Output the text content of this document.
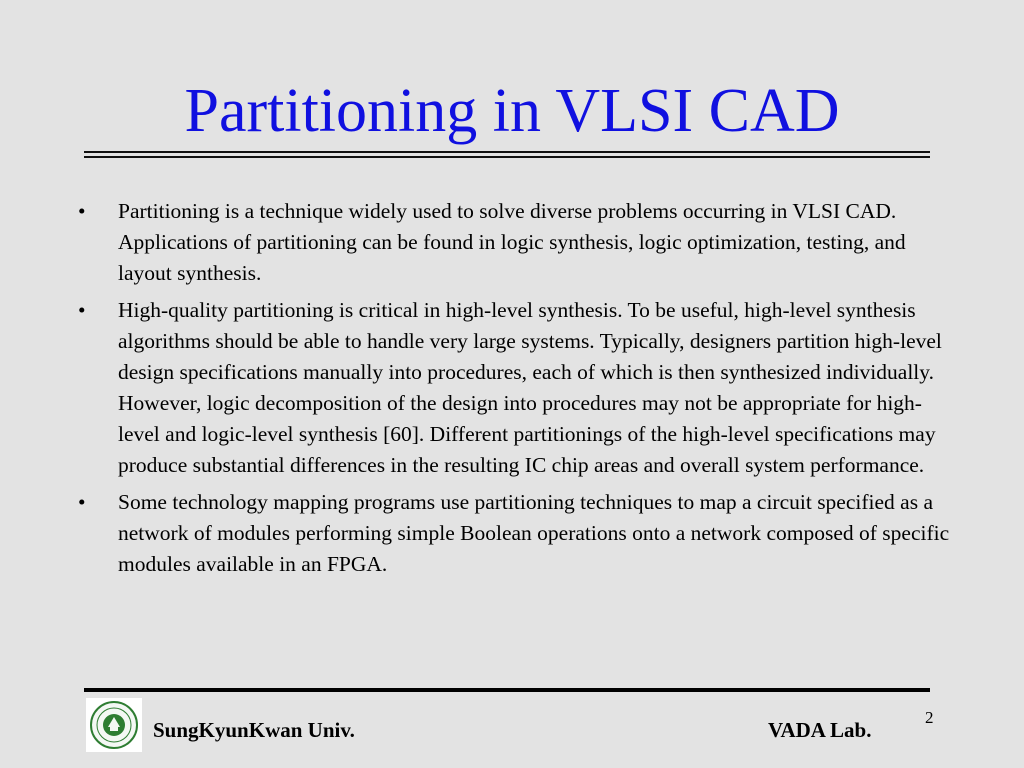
Partitioning in VLSI CAD
•	Partitioning is a technique widely used to solve diverse problems occurring in VLSI CAD. Applications of partitioning can be found in logic synthesis, logic optimization, testing, and layout synthesis.
•	High-quality partitioning is critical in high-level synthesis. To be useful, high-level synthesis algorithms should be able to handle very large systems. Typically, designers partition high-level design specifications manually into procedures, each of which is then synthesized individually. However, logic decomposition of the design into procedures may not be appropriate for high-level and logic-level synthesis [60]. Different partitionings of the high-level specifications may produce substantial differences in the resulting IC chip areas and overall system performance.
•	Some technology mapping programs use partitioning techniques to map a circuit specified as a network of modules performing simple Boolean operations onto a network composed of specific modules available in an FPGA.
SungKyunKwan Univ.	VADA Lab.
2
